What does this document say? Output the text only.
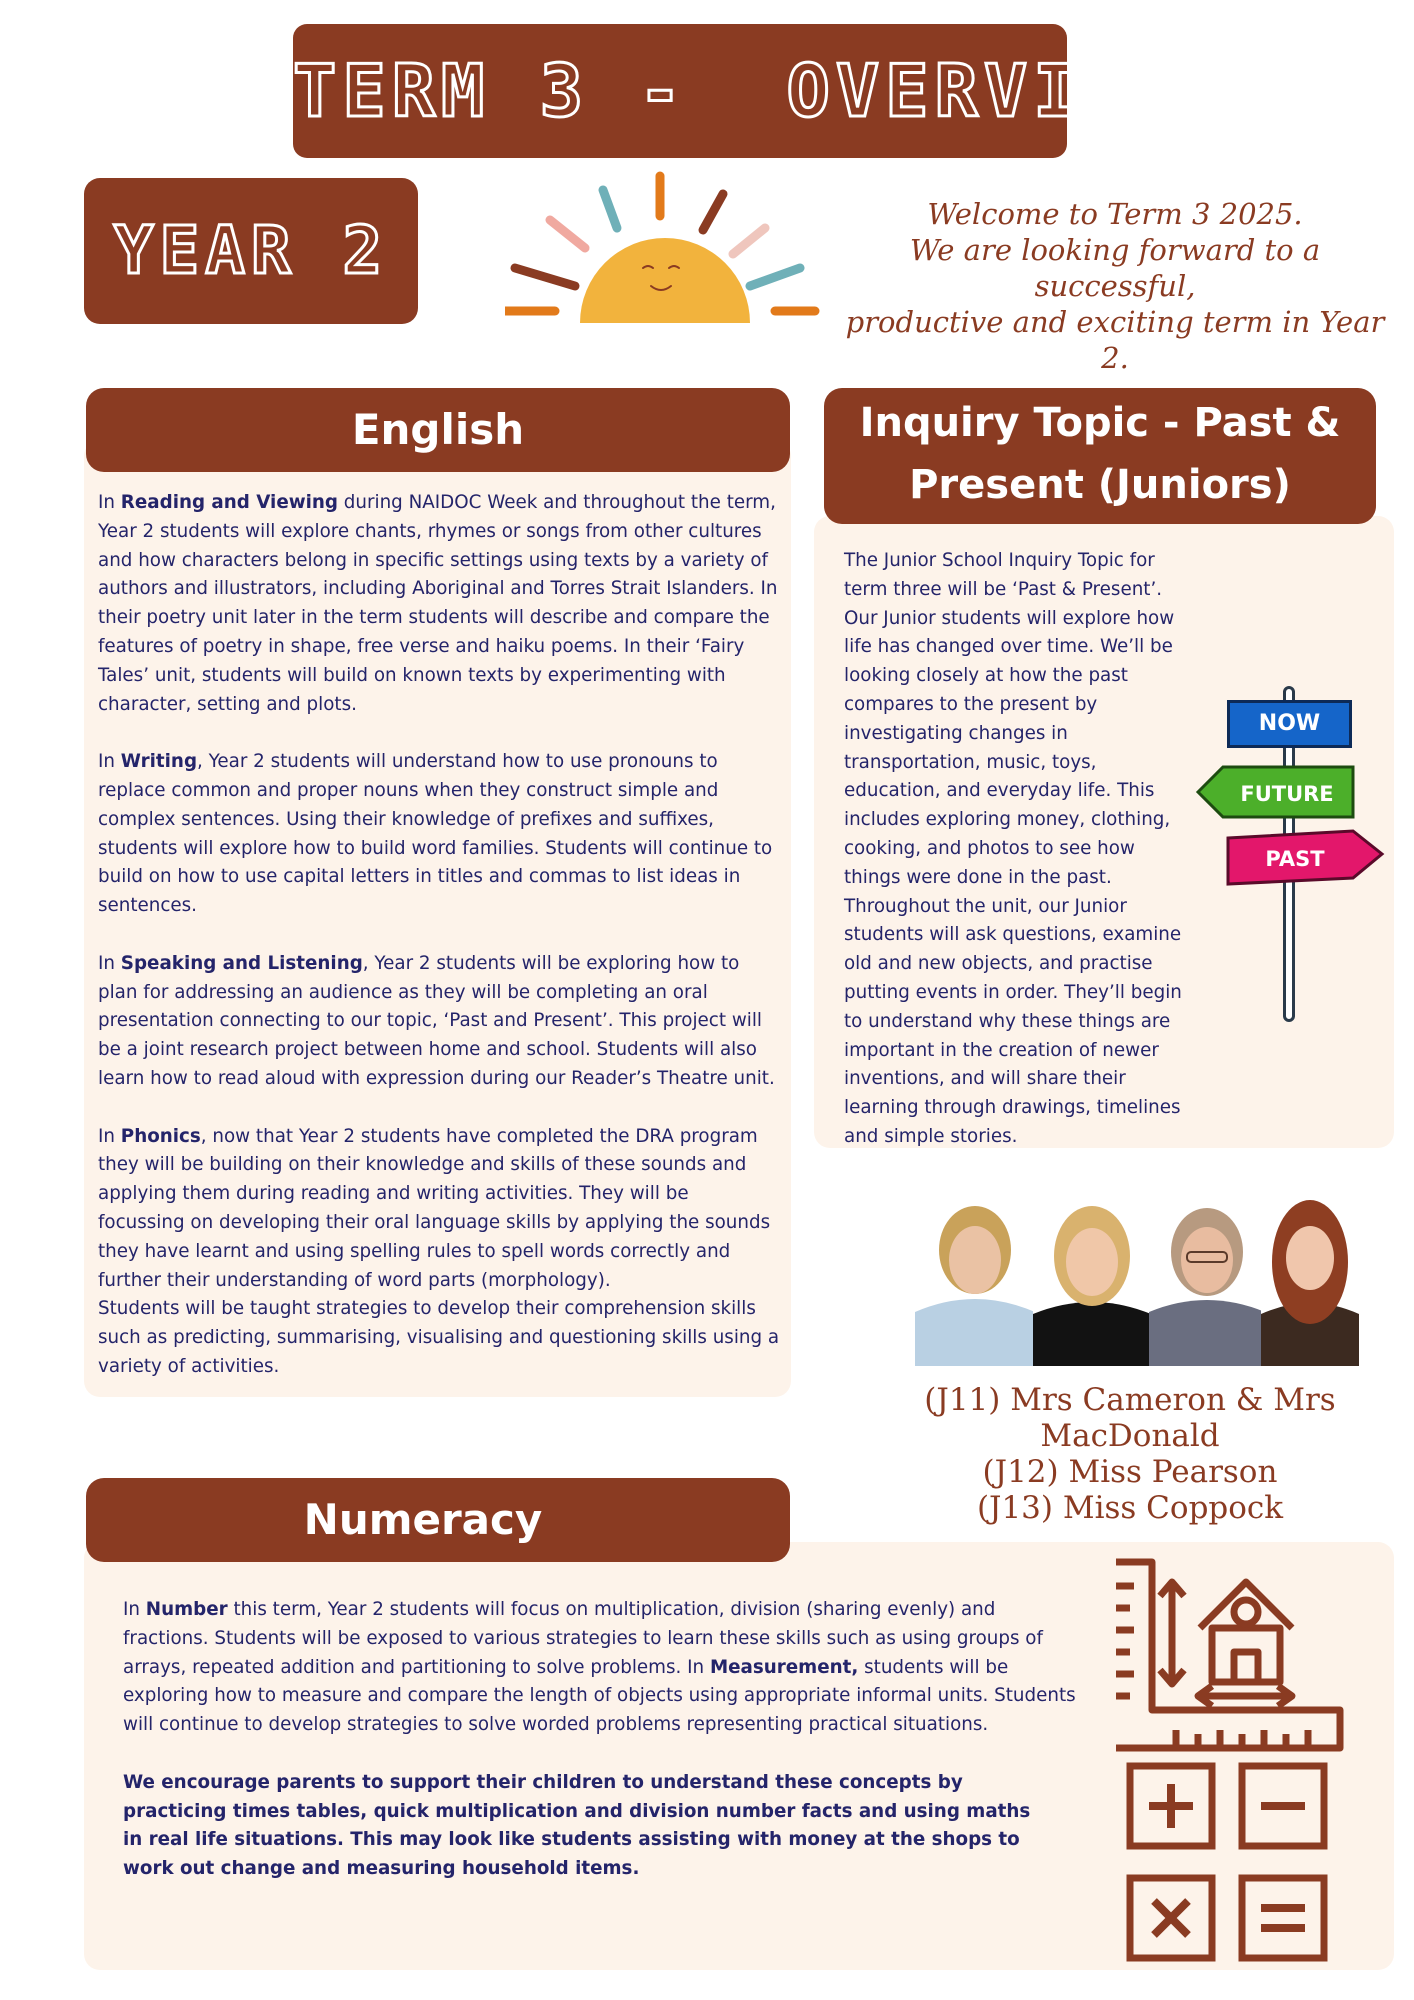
TERM 3 -  OVERVIEW
YEAR 2	Welcome to Term 3 2025.
We are looking forward to a successful,
productive and exciting term in Year 2.
English

In Reading and Viewing during NAIDOC Week and throughout the term, Year 2 students will explore chants, rhymes or songs from other cultures and how characters belong in specific settings using texts by a variety of authors and illustrators, including Aboriginal and Torres Strait Islanders. In their poetry unit later in the term students will describe and compare the features of poetry in shape, free verse and haiku poems. In their ‘Fairy Tales’ unit, students will build on known texts by experimenting with character, setting and plots.

In Writing, Year 2 students will understand how to use pronouns to replace common and proper nouns when they construct simple and complex sentences. Using their knowledge of prefixes and suffixes, students will explore how to build word families. Students will continue to build on how to use capital letters in titles and commas to list ideas in sentences.

In Speaking and Listening, Year 2 students will be exploring how to plan for addressing an audience as they will be completing an oral presentation connecting to our topic, ‘Past and Present’. This project will be a joint research project between home and school. Students will also learn how to read aloud with expression during our Reader’s Theatre unit.

In Phonics, now that Year 2 students have completed the DRA program they will be building on their knowledge and skills of these sounds and applying them during reading and writing activities. They will be focussing on developing their oral language skills by applying the sounds they have learnt and using spelling rules to spell words correctly and further their understanding of word parts (morphology).

Students will be taught strategies to develop their comprehension skills such as predicting, summarising, visualising and questioning skills using a variety of activities.

Inquiry Topic - Past &
Present (Juniors)

The Junior School Inquiry Topic for term three will be ‘Past & Present’. Our Junior students will explore how life has changed over time. We’ll be looking closely at how the past compares to the present by investigating changes in transportation, music, toys, education, and everyday life. This includes exploring money, clothing, cooking, and photos to see how things were done in the past.

Throughout the unit, our Junior students will ask questions, examine old and new objects, and practise putting events in order. They’ll begin to understand why these things are important in the creation of newer inventions, and will share their learning through drawings, timelines and simple stories.

NOW
FUTURE
PAST
(J11) Mrs Cameron & Mrs MacDonald
(J12) Miss Pearson
(J13) Miss Coppock
Numeracy

In Number this term, Year 2 students will focus on multiplication, division (sharing evenly) and fractions. Students will be exposed to various strategies to learn these skills such as using groups of arrays, repeated addition and partitioning to solve problems. In Measurement, students will be exploring how to measure and compare the length of objects using appropriate informal units. Students will continue to develop strategies to solve worded problems representing practical situations.

We encourage parents to support their children to understand these concepts by practicing times tables, quick multiplication and division number facts and using maths in real life situations. This may look like students assisting with money at the shops to work out change and measuring household items.
